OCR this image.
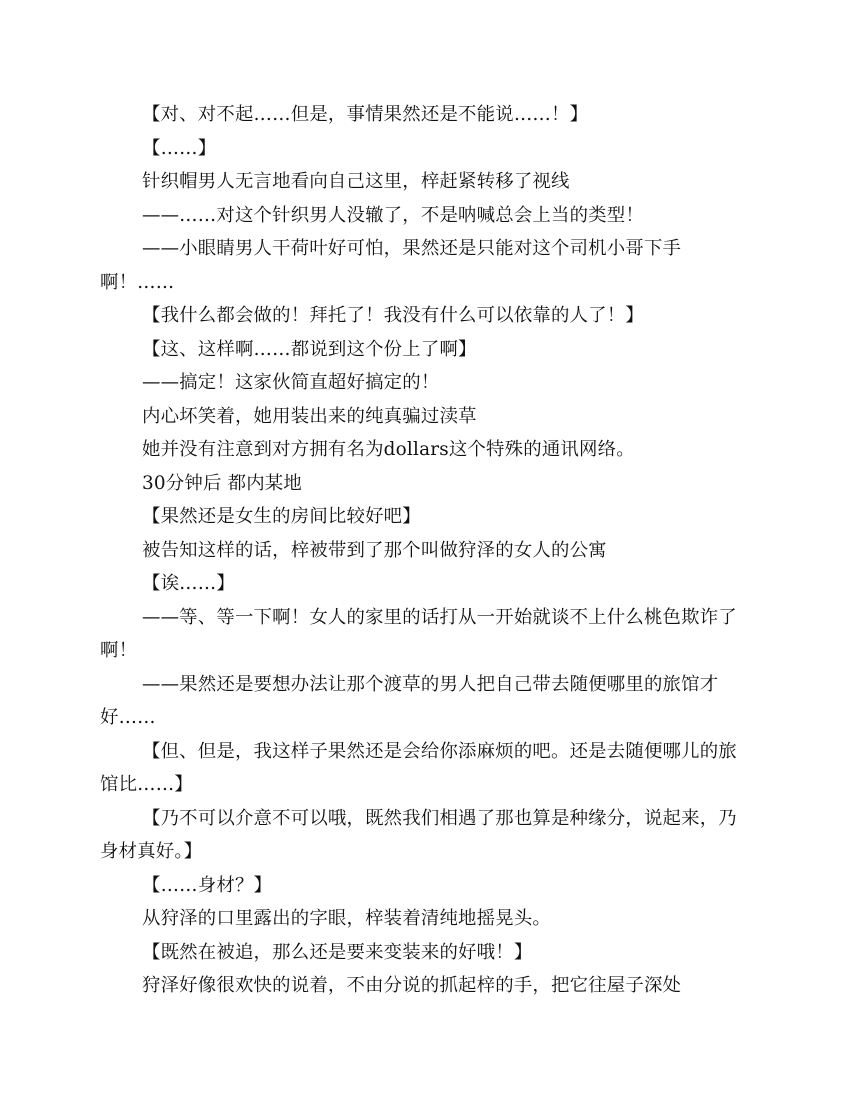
【对、对不起……但是，事情果然还是不能说……！】

【……】

针织帽男人无言地看向自己这里，梓赶紧转移了视线

——……对这个针织男人没辙了，不是呐喊总会上当的类型！

——小眼睛男人干荷叶好可怕，果然还是只能对这个司机小哥下手啊！……

【我什么都会做的！拜托了！我没有什么可以依靠的人了！】

【这、这样啊……都说到这个份上了啊】

——搞定！这家伙简直超好搞定的！

内心坏笑着，她用装出来的纯真骗过渎草

她并没有注意到对方拥有名为dollars这个特殊的通讯网络。

30分钟后 都内某地

【果然还是女生的房间比较好吧】

被告知这样的话，梓被带到了那个叫做狩泽的女人的公寓

【诶……】

——等、等一下啊！女人的家里的话打从一开始就谈不上什么桃色欺诈了啊！

——果然还是要想办法让那个渡草的男人把自己带去随便哪里的旅馆才好……

【但、但是，我这样子果然还是会给你添麻烦的吧。还是去随便哪儿的旅馆比……】

【乃不可以介意不可以哦，既然我们相遇了那也算是种缘分，说起来，乃身材真好。】

【……身材？】

从狩泽的口里露出的字眼，梓装着清纯地摇晃头。

【既然在被追，那么还是要来变装来的好哦！】

狩泽好像很欢快的说着，不由分说的抓起梓的手，把它往屋子深处
